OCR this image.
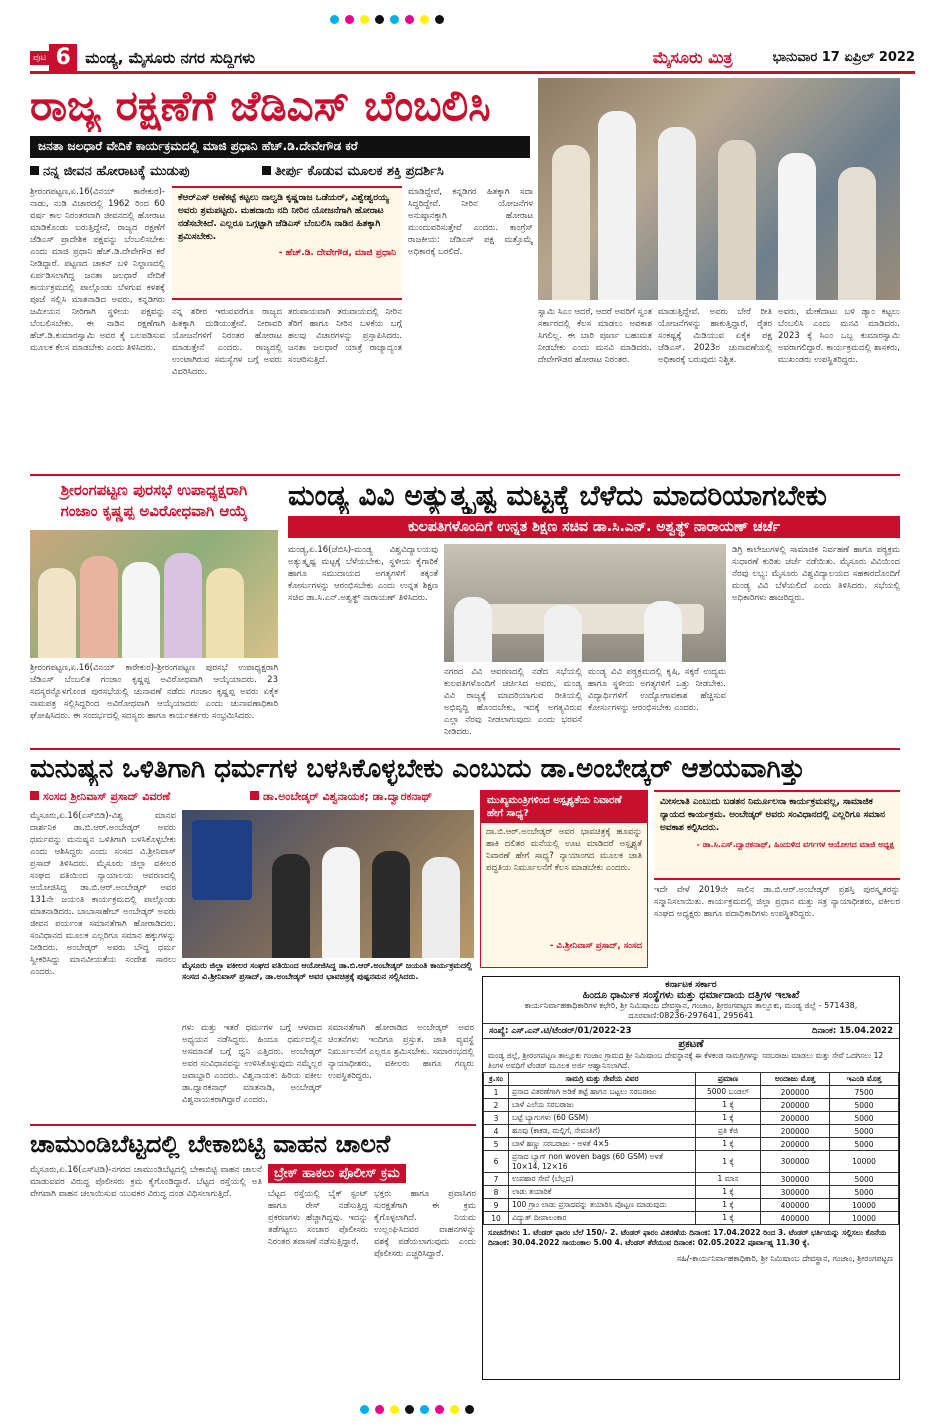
ಪುಟ 6 ಮಂಡ್ಯ, ಮೈಸೂರು ನಗರ ಸುದ್ದಿಗಳು	ಮೈಸೂರು ಮಿತ್ರ	ಭಾನುವಾರ 17 ಏಪ್ರಿಲ್ 2022
ರಾಜ್ಯ ರಕ್ಷಣೆಗೆ ಜೆಡಿಎಸ್ ಬೆಂಬಲಿಸಿ
ಜನತಾ ಜಲಧಾರೆ ವೇದಿಕೆ ಕಾರ್ಯಕ್ರಮದಲ್ಲಿ ಮಾಜಿ ಪ್ರಧಾನಿ ಹೆಚ್.ಡಿ.ದೇವೇಗೌಡ ಕರೆ
ನನ್ನ ಜೀವನ ಹೋರಾಟಕ್ಕೆ ಮುಡುಪು	ತೀರ್ಪು ಕೊಡುವ ಮೂಲಕ ಶಕ್ತಿ ಪ್ರದರ್ಶಿಸಿ
ಶ್ರೀರಂಗಪಟ್ಟಣ,ಏ.16(ವಿನಯ್ ಕಾರೇಕುರ)-ನಾಡು, ನುಡಿ ವಿಚಾರದಲ್ಲಿ 1962 ರಿಂದ 60 ವರ್ಷ ಕಾಲ ನಿರಂತರವಾಗಿ ಜೀವನದಲ್ಲಿ ಹೋರಾಟ ಮಾಡಿಕೊಂಡು ಬರುತ್ತಿದ್ದೇನೆ, ರಾಜ್ಯದ ರಕ್ಷಣೆಗೆ ಜೆಡಿಎಸ್ ಪ್ರಾದೇಶಿಕ ಪಕ್ಷವನ್ನು ಬೆಂಬಲಿಸಬೇಕು ಎಂದು ಮಾಜಿ ಪ್ರಧಾನಿ ಹೆಚ್.ಡಿ.ದೇವೇಗೌಡ ಕರೆ ನೀಡಿದ್ದಾರೆ. ಪಟ್ಟಣದ ಚಾಕನ್ ಬಳಿ ನಿಲ್ದಾಣದಲ್ಲಿ ಏರ್ಪಡಿಸಲಾಗಿದ್ದ ಜನತಾ ಜಲಧಾರೆ ವೇದಿಕೆ ಕಾರ್ಯಕ್ರಮದಲ್ಲಿ ಪಾಲ್ಗೊಂಡು ಬೆಳಗುವ ಕಳಶಕ್ಕೆ ಪೂಜೆ ಸಲ್ಲಿಸಿ ಮಾತನಾಡಿದ ಅವರು, ಕನ್ನಡಿಗರು ಜಮೀಯನ ನೀರಿಗಾಗಿ ಸ್ಥಳೀಯ ಪಕ್ಷವನ್ನು ಬೆಂಬಲಿಸಬೇಕು. ಈ ನಾಡಿನ ರಕ್ಷಣೆಗಾಗಿ ಹೆಚ್.ಡಿ.ಕುಮಾರಸ್ವಾಮಿ ಅವರ ಕೈ ಬಲಪಡಿಸುವ ಮೂಲಕ ಕೆಲಸ ಮಾಡಬೇಕು ಎಂದು ತಿಳಿಸಿದರು.
ಕೆಆರ್‌ಎಸ್ ಅಣೆಕಟ್ಟೆ ಕಟ್ಟಲು ನಾಲ್ವಡಿ ಕೃಷ್ಣರಾಜ ಒಡೆಯರ್, ವಿಶ್ವೇಶ್ವರಯ್ಯ ಅವರು ಶ್ರಮಪಟ್ಟರು. ಮಹದಾಯಿ ನದಿ ನೀರಿನ ಯೋಜನೆಗಾಗಿ ಹೋರಾಟ ನಡೆಸಬೇಕಿದೆ. ಎಲ್ಲರೂ ಒಗ್ಗಟ್ಟಾಗಿ ಜೆಡಿಎಸ್ ಬೆಂಬಲಿಸಿ ನಾಡಿನ ಹಿತಕ್ಕಾಗಿ ಶ್ರಮಿಸಬೇಕು.
- ಹೆಚ್.ಡಿ. ದೇವೇಗೌಡ, ಮಾಜಿ ಪ್ರಧಾನಿ
ಮಾಡಿದ್ದೇವೆ, ಕನ್ನಡಿಗರ ಹಿತಕ್ಕಾಗಿ ಸದಾ ಸಿದ್ಧರಿದ್ದೇವೆ. ನೀರಿನ ಯೋಜನೆಗಳ ಅನುಷ್ಠಾನಕ್ಕಾಗಿ ಹೋರಾಟ ಮುಂದುವರಿಸುತ್ತೇವೆ ಎಂದರು. ಕಾಂಗ್ರೆಸ್ ರಾಜಕೀಯ: ಜೆಡಿಎಸ್ ಪಕ್ಷ ಮತ್ತೊಮ್ಮೆ ಅಧಿಕಾರಕ್ಕೆ ಬರಲಿದೆ.
ನನ್ನ ಶರೀರ ಇರುವವರೆಗೂ ರಾಜ್ಯದ ಹಿತಕ್ಕಾಗಿ ದುಡಿಯುತ್ತೇನೆ. ನೀರಾವರಿ ಯೋಜನೆಗಳಿಗೆ ನಿರಂತರ ಹೋರಾಟ ಮಾಡುತ್ತೇನೆ ಎಂದರು. ರಾಜ್ಯದಲ್ಲಿ ಉಂಟಾಗಿರುವ ಸಮಸ್ಯೆಗಳ ಬಗ್ಗೆ ಅವರು ವಿವರಿಸಿದರು.
ತರುವಾಯವಾಗಿ ತರುವಾಯದಲ್ಲಿ ನೀರಿನ ತೆರಿಗೆ ಹಾಗೂ ನೀರಿನ ಬಳಕೆಯ ಬಗ್ಗೆ ಹಲವು ವಿಚಾರಗಳನ್ನು ಪ್ರಸ್ತಾಪಿಸಿದರು. ಜನತಾ ಜಲಧಾರೆ ಯಾತ್ರೆ ರಾಜ್ಯಾದ್ಯಂತ ಸಂಚರಿಸುತ್ತಿದೆ.
ಸ್ವಾಮಿ ಸಿಎಂ ಆದರೆ, ಆದರೆ ಅವರಿಗೆ ಸ್ವಂತ ಸರ್ಕಾರದಲ್ಲಿ ಕೆಲಸ ಮಾಡಲು ಅವಕಾಶ ಸಿಗಲಿಲ್ಲ. ಈ ಬಾರಿ ಪೂರ್ಣ ಬಹುಮತ ನೀಡಬೇಕು ಎಂದು ಮನವಿ ಮಾಡಿದರು. ದೇವೇಗೌಡರ ಹೋರಾಟ ನಿರಂತರ.
ಮಾಡುತ್ತಿದ್ದೇವೆ. ಅವರು ಬೇರೆ ರೀತಿ ಯೋಜನೆಗಳನ್ನು ಹಾಕುತ್ತಿದ್ದಾರೆ, ರೈತರ ಸಂಕಷ್ಟಕ್ಕೆ ಮಿಡಿಯುವ ಏಕೈಕ ಪಕ್ಷ ಜೆಡಿಎಸ್. 2023ರ ಚುನಾವಣೆಯಲ್ಲಿ ಅಧಿಕಾರಕ್ಕೆ ಬರುವುದು ನಿಶ್ಚಿತ.
ಅವರು, ಮೇಕೆದಾಟು ಬಳಿ ಡ್ಯಾಂ ಕಟ್ಟಲು ಬೆಂಬಲಿಸಿ ಎಂದು ಮನವಿ ಮಾಡಿದರು. 2023 ಕ್ಕೆ ಸಿಎಂ ಒಬ್ಬ ಕುಮಾರಸ್ವಾಮಿ ಅವರಾಗಲಿದ್ದಾರೆ. ಕಾರ್ಯಕ್ರಮದಲ್ಲಿ ಶಾಸಕರು, ಮುಖಂಡರು ಉಪಸ್ಥಿತರಿದ್ದರು.
ಶ್ರೀರಂಗಪಟ್ಟಣ ಪುರಸಭೆ ಉಪಾಧ್ಯಕ್ಷರಾಗಿ
ಗಂಜಾಂ ಕೃಷ್ಣಪ್ಪ ಅವಿರೋಧವಾಗಿ ಆಯ್ಕೆ
ಶ್ರೀರಂಗಪಟ್ಟಣ,ಏ.16(ವಿನಯ್ ಕಾರೇಕುರ)-ಶ್ರೀರಂಗಪಟ್ಟಣ ಪುರಸಭೆ ಉಪಾಧ್ಯಕ್ಷರಾಗಿ ಜೆಡಿಎಸ್ ಬೆಂಬಲಿತ ಗಂಜಾಂ ಕೃಷ್ಣಪ್ಪ ಅವಿರೋಧವಾಗಿ ಆಯ್ಕೆಯಾದರು. 23 ಸದಸ್ಯರನ್ನೊಳಗೊಂಡ ಪುರಸಭೆಯಲ್ಲಿ ಚುನಾವಣೆ ನಡೆದು ಗಂಜಾಂ ಕೃಷ್ಣಪ್ಪ ಅವರು ಏಕೈಕ ನಾಮಪತ್ರ ಸಲ್ಲಿಸಿದ್ದರಿಂದ ಅವಿರೋಧವಾಗಿ ಆಯ್ಕೆಯಾದರು ಎಂದು ಚುನಾವಣಾಧಿಕಾರಿ ಘೋಷಿಸಿದರು. ಈ ಸಂದರ್ಭದಲ್ಲಿ ಸದಸ್ಯರು ಹಾಗೂ ಕಾರ್ಯಕರ್ತರು ಸಂಭ್ರಮಿಸಿದರು.
ಮಂಡ್ಯ ವಿವಿ ಅತ್ಯುತ್ಕೃಷ್ಟ ಮಟ್ಟಕ್ಕೆ ಬೆಳೆದು ಮಾದರಿಯಾಗಬೇಕು
ಕುಲಪತಿಗಳೊಂದಿಗೆ ಉನ್ನತ ಶಿಕ್ಷಣ ಸಚಿವ ಡಾ.ಸಿ.ಎನ್. ಅಶ್ವತ್ಥ್ ನಾರಾಯಣ್ ಚರ್ಚೆ
ಮಂಡ್ಯ,ಏ.16(ಜೆಬಿಸಿ)-ಮಂಡ್ಯ ವಿಶ್ವವಿದ್ಯಾಲಯವು ಅತ್ಯುತ್ಕೃಷ್ಟ ಮಟ್ಟಕ್ಕೆ ಬೆಳೆಯಬೇಕು, ಸ್ಥಳೀಯ ಕೈಗಾರಿಕೆ ಹಾಗೂ ಸಮುದಾಯದ ಅಗತ್ಯಗಳಿಗೆ ತಕ್ಕಂತೆ ಕೋರ್ಸುಗಳನ್ನು ಆರಂಭಿಸಬೇಕು ಎಂದು ಉನ್ನತ ಶಿಕ್ಷಣ ಸಚಿವ ಡಾ.ಸಿ.ಎನ್.ಅಶ್ವತ್ಥ್ ನಾರಾಯಣ್ ತಿಳಿಸಿದರು.
ನಗರದ ವಿವಿ ಆವರಣದಲ್ಲಿ ನಡೆದ ಸಭೆಯಲ್ಲಿ ಕುಲಪತಿಗಳೊಂದಿಗೆ ಚರ್ಚಿಸಿದ ಅವರು, ಮಂಡ್ಯ ವಿವಿ ರಾಜ್ಯಕ್ಕೆ ಮಾದರಿಯಾಗುವ ರೀತಿಯಲ್ಲಿ ಅಭಿವೃದ್ಧಿ ಹೊಂದಬೇಕು, ಇದಕ್ಕೆ ಅಗತ್ಯವಿರುವ ಎಲ್ಲಾ ನೆರವು ನೀಡಲಾಗುವುದು ಎಂದು ಭರವಸೆ ನೀಡಿದರು.
ಮಂಡ್ಯ ವಿವಿ ಪಠ್ಯಕ್ರಮದಲ್ಲಿ ಕೃಷಿ, ಸಕ್ಕರೆ ಉದ್ಯಮ ಹಾಗೂ ಸ್ಥಳೀಯ ಅಗತ್ಯಗಳಿಗೆ ಒತ್ತು ನೀಡಬೇಕು. ವಿದ್ಯಾರ್ಥಿಗಳಿಗೆ ಉದ್ಯೋಗಾವಕಾಶ ಹೆಚ್ಚಿಸುವ ಕೋರ್ಸುಗಳನ್ನು ಆರಂಭಿಸಬೇಕು ಎಂದರು.
ಡಿಗ್ರಿ ಕಾಲೇಜುಗಳಲ್ಲಿ ಸಾಮಾಜಿಕ ನಿರ್ವಹಣೆ ಹಾಗೂ ಪಠ್ಯಕ್ರಮ ಸುಧಾರಣೆ ಕುರಿತು ಚರ್ಚೆ ನಡೆಯಿತು. ಮೈಸೂರು ವಿವಿಯಿಂದ ನೆರವು ಲಭ್ಯ: ಮೈಸೂರು ವಿಶ್ವವಿದ್ಯಾಲಯದ ಸಹಕಾರದೊಂದಿಗೆ ಮಂಡ್ಯ ವಿವಿ ಬೆಳೆಯಲಿದೆ ಎಂದು ತಿಳಿಸಿದರು. ಸಭೆಯಲ್ಲಿ ಅಧಿಕಾರಿಗಳು ಹಾಜರಿದ್ದರು.
ಮನುಷ್ಯನ ಒಳಿತಿಗಾಗಿ ಧರ್ಮಗಳ ಬಳಸಿಕೊಳ್ಳಬೇಕು ಎಂಬುದು ಡಾ.ಅಂಬೇಡ್ಕರ್ ಆಶಯವಾಗಿತ್ತು
ಸಂಸದ ಶ್ರೀನಿವಾಸ್ ಪ್ರಸಾದ್ ವಿವರಣೆ	ಡಾ.ಅಂಬೇಡ್ಕರ್ ವಿಶ್ವನಾಯಕ; ಡಾ.ದ್ವಾರಕನಾಥ್
ಮೈಸೂರು,ಏ.16(ಎಸ್‌ಬಿಡಿ)-ವಿಶ್ವ ಮಾನವ ದಾರ್ಶನಿಕ ಡಾ.ಬಿ.ಆರ್.ಅಂಬೇಡ್ಕರ್ ಅವರು ಧರ್ಮವನ್ನು ಮನುಷ್ಯನ ಒಳಿತಿಗಾಗಿ ಬಳಸಿಕೊಳ್ಳಬೇಕು ಎಂದು ಆಶಿಸಿದ್ದರು ಎಂದು ಸಂಸದ ವಿ.ಶ್ರೀನಿವಾಸ್ ಪ್ರಸಾದ್ ತಿಳಿಸಿದರು. ಮೈಸೂರು ಜಿಲ್ಲಾ ವಕೀಲರ ಸಂಘದ ವತಿಯಿಂದ ನ್ಯಾಯಾಲಯ ಆವರಣದಲ್ಲಿ ಆಯೋಜಿಸಿದ್ದ ಡಾ.ಬಿ.ಆರ್.ಅಂಬೇಡ್ಕರ್ ಅವರ 131ನೇ ಜಯಂತಿ ಕಾರ್ಯಕ್ರಮದಲ್ಲಿ ಪಾಲ್ಗೊಂಡು ಮಾತನಾಡಿದರು. ಬಾಬಾಸಾಹೇಬ್ ಅಂಬೇಡ್ಕರ್ ಅವರು ಜೀವನ ಪರ್ಯಂತ ಸಮಾನತೆಗಾಗಿ ಹೋರಾಡಿದರು. ಸಂವಿಧಾನದ ಮೂಲಕ ಎಲ್ಲರಿಗೂ ಸಮಾನ ಹಕ್ಕುಗಳನ್ನು ನೀಡಿದರು. ಅಂಬೇಡ್ಕರ್ ಅವರು ಬೌದ್ಧ ಧರ್ಮ ಸ್ವೀಕರಿಸಿದ್ದು ಮಾನವೀಯತೆಯ ಸಂದೇಶ ಸಾರಲು ಎಂದರು.
ಮೈಸೂರು ಜಿಲ್ಲಾ ವಕೀಲರ ಸಂಘದ ವತಿಯಿಂದ ಆಯೋಜಿಸಿದ್ದ ಡಾ.ಬಿ.ಆರ್.ಅಂಬೇಡ್ಕರ್ ಜಯಂತಿ ಕಾರ್ಯಕ್ರಮದಲ್ಲಿ ಸಂಸದ ವಿ.ಶ್ರೀನಿವಾಸ್ ಪ್ರಸಾದ್, ಡಾ.ಅಂಬೇಡ್ಕರ್ ಅವರ ಭಾವಚಿತ್ರಕ್ಕೆ ಪುಷ್ಪನಮನ ಸಲ್ಲಿಸಿದರು.
ಗಳು ಮತ್ತು ಇತರೆ ಧರ್ಮಗಳ ಬಗ್ಗೆ ಆಳವಾದ ಅಧ್ಯಯನ ನಡೆಸಿದ್ದರು. ಹಿಂದೂ ಧರ್ಮದಲ್ಲಿನ ಅಸಮಾನತೆ ಬಗ್ಗೆ ಧ್ವನಿ ಎತ್ತಿದರು. ಅಂಬೇಡ್ಕರ್ ಅವರ ಸಂವಿಧಾನವನ್ನು ಉಳಿಸಿಕೊಳ್ಳುವುದು ನಮ್ಮೆಲ್ಲರ ಜವಾಬ್ದಾರಿ ಎಂದರು. ವಿಶ್ವನಾಯಕ: ಹಿರಿಯ ವಕೀಲ ಡಾ.ದ್ವಾರಕನಾಥ್ ಮಾತನಾಡಿ, ಅಂಬೇಡ್ಕರ್ ವಿಶ್ವನಾಯಕರಾಗಿದ್ದಾರೆ ಎಂದರು.
ಸಮಾನತೆಗಾಗಿ ಹೋರಾಡಿದ ಅಂಬೇಡ್ಕರ್ ಅವರ ಚಿಂತನೆಗಳು ಇಂದಿಗೂ ಪ್ರಸ್ತುತ. ಜಾತಿ ವ್ಯವಸ್ಥೆ ನಿರ್ಮೂಲನೆಗೆ ಎಲ್ಲರೂ ಶ್ರಮಿಸಬೇಕು. ಸಮಾರಂಭದಲ್ಲಿ ನ್ಯಾಯಾಧೀಶರು, ವಕೀಲರು ಹಾಗೂ ಗಣ್ಯರು ಉಪಸ್ಥಿತರಿದ್ದರು.
ಮುಖ್ಯಮಂತ್ರಿಗಳಿಂದ ಅಸ್ಪೃಶ್ಯತೆಯ ನಿವಾರಣೆ ಹೇಗೆ ಸಾಧ್ಯ?
ದಾ.ಬಿ.ಆರ್.ಅಂಬೇಡ್ಕರ್ ಅವರ ಭಾವಚಿತ್ರಕ್ಕೆ ಹೂವನ್ನು ಹಾಕಿ ದಲಿತರ ಮನೆಯಲ್ಲಿ ಊಟ ಮಾಡಿದರೆ ಅಸ್ಪೃಶ್ಯತೆ ನಿವಾರಣೆ ಹೇಗೆ ಸಾಧ್ಯ? ನ್ಯಾಯಾಂಗದ ಮೂಲಕ ಜಾತಿ ಪದ್ಧತಿಯ ನಿರ್ಮೂಲನೆಗೆ ಕೆಲಸ ಮಾಡಬೇಕು ಎಂದರು.
- ವಿ.ಶ್ರೀನಿವಾಸ್ ಪ್ರಸಾದ್, ಸಂಸದ
ಮೀಸಲಾತಿ ಎಂಬುದು ಬಡತನ ನಿರ್ಮೂಲನಾ ಕಾರ್ಯಕ್ರಮವಲ್ಲ, ಸಾಮಾಜಿಕ ನ್ಯಾಯದ ಕಾರ್ಯಕ್ರಮ. ಅಂಬೇಡ್ಕರ್ ಅವರು ಸಂವಿಧಾನದಲ್ಲಿ ಎಲ್ಲರಿಗೂ ಸಮಾನ ಅವಕಾಶ ಕಲ್ಪಿಸಿದರು.
- ಡಾ.ಸಿ.ಎಸ್.ದ್ವಾರಕನಾಥ್, ಹಿಂದುಳಿದ ವರ್ಗಗಳ ಆಯೋಗದ ಮಾಜಿ ಅಧ್ಯಕ್ಷ
ಇದೇ ವೇಳೆ 2019ನೇ ಸಾಲಿನ ಡಾ.ಬಿ.ಆರ್.ಅಂಬೇಡ್ಕರ್ ಪ್ರಶಸ್ತಿ ಪುರಸ್ಕೃತರನ್ನು ಸನ್ಮಾನಿಸಲಾಯಿತು. ಕಾರ್ಯಕ್ರಮದಲ್ಲಿ ಜಿಲ್ಲಾ ಪ್ರಧಾನ ಮತ್ತು ಸತ್ರ ನ್ಯಾಯಾಧೀಶರು, ವಕೀಲರ ಸಂಘದ ಅಧ್ಯಕ್ಷರು ಹಾಗೂ ಪದಾಧಿಕಾರಿಗಳು ಉಪಸ್ಥಿತರಿದ್ದರು.
ಕರ್ನಾಟಕ ಸರ್ಕಾರ
ಹಿಂದೂ ಧಾರ್ಮಿಕ ಸಂಸ್ಥೆಗಳು ಮತ್ತು ಧರ್ಮಾದಾಯ ದತ್ತಿಗಳ ಇಲಾಖೆ
ಕಾರ್ಯನಿರ್ವಾಹಕಾಧಿಕಾರಿಗಳ ಕಛೇರಿ, ಶ್ರೀ ನಿಮಿಷಾಂಬ ದೇವಸ್ಥಾನ, ಗಂಜಾಂ, ಶ್ರೀರಂಗಪಟ್ಟಣ ತಾಲ್ಲೂಕು, ಮಂಡ್ಯ ಜಿಲ್ಲೆ - 571438,
ದೂರವಾಣಿ:08236-297641, 295641
ಸಂಖ್ಯೆ: ಎಸ್.ಎನ್.ಟಿ/ಟೆಂಡರ್/01/2022-23	ದಿನಾಂಕ: 15.04.2022
ಪ್ರಕಟಣೆ
ಮಂಡ್ಯ ಜಿಲ್ಲೆ, ಶ್ರೀರಂಗಪಟ್ಟಣ ತಾಲ್ಲೂಕು ಗಂಜಾಂ ಗ್ರಾಮದ ಶ್ರೀ ನಿಮಿಷಾಂಬ ದೇವಸ್ಥಾನಕ್ಕೆ ಈ ಕೆಳಕಂಡ ಸಾಮಗ್ರಿಗಳನ್ನು ಸರಬರಾಜು ಮಾಡಲು ಮತ್ತು ಸೇವೆ ಒದಗಿಸಲು 12 ತಿಂಗಳ ಅವಧಿಗೆ ಟೆಂಡರ್ ಮೂಲಕ ಅರ್ಜಿ ಆಹ್ವಾನಿಸಲಾಗಿದೆ.
ಕ್ರ.ಸಂ	ಸಾಮಗ್ರಿ ಮತ್ತು ಸೇವೆಯ ವಿವರ	ಪ್ರಮಾಣ	ಅಂದಾಜು ಮೊತ್ತ	ಇಎಂಡಿ ಮೊತ್ತ
1	ಪ್ರಸಾದ ವಿತರಣೆಗಾಗಿ ಅಡಿಕೆ ತಟ್ಟೆ ಹಾಗೂ ಬಟ್ಟಲು ಸರಬರಾಜು	5000 ಬಂಡಲ್	200000	7500
2	ಬಾಳೆ ಎಲೆಯ ಸರಬರಾಜು	1 ಕ್ಕೆ	200000	5000
3	ಬಟ್ಟೆ ಬ್ಯಾಗುಗಳು (60 GSM)	1 ಕ್ಕೆ	200000	5000
4	ಹೂವು (ಕಾಕಡ, ಮಲ್ಲಿಗೆ, ಸೇವಂತಿಗೆ)	ಪ್ರತಿ ಕೆಜಿ	200000	5000
5	ಬಾಳೆ ಹಣ್ಣು ಸರಬರಾಜು - ಅಳತೆ 4×5	1 ಕ್ಕೆ	200000	5000
6	ಪ್ರಸಾದ ಬ್ಯಾಗ್ non woven bags (60 GSM) ಅಳತೆ 10×14, 12×16	1 ಕ್ಕೆ	300000	10000
7	ಉಪಹಾರ ಸೇವೆ (ಬೆಲ್ಲದ)	1 ಮಾಸ	300000	5000
8	ಲಾಡು ತಯಾರಿಕೆ	1 ಕ್ಕೆ	300000	5000
9	100 ಗ್ರಾಂ ಲಾಡು ಪ್ರಸಾದವನ್ನು ತಯಾರಿಸಿ ಪೊಟ್ಟಣ ಮಾಡುವುದು	1 ಕ್ಕೆ	400000	10000
10	ವಿದ್ಯುತ್ ದೀಪಾಲಂಕಾರ	1 ಕ್ಕೆ	400000	10000
ಸೂಚನೆಗಳು: 1. ಟೆಂಡರ್ ಫಾರಂ ಬೆಲೆ 150/- 2. ಟೆಂಡರ್ ಫಾರಂ ವಿತರಣೆಯ ದಿನಾಂಕ: 17.04.2022 ರಿಂದ 3. ಟೆಂಡರ್ ಭರ್ತಿಯನ್ನು ಸಲ್ಲಿಸಲು ಕೊನೆಯ ದಿನಾಂಕ: 30.04.2022 ಸಾಯಂಕಾಲ 5.00 4. ಟೆಂಡರ್ ತೆರೆಯುವ ದಿನಾಂಕ: 02.05.2022 ಪೂರ್ವಾಹ್ನ 11.30 ಕ್ಕೆ.
ಸಹಿ/-ಕಾರ್ಯನಿರ್ವಾಹಕಾಧಿಕಾರಿ, ಶ್ರೀ ನಿಮಿಷಾಂಬ ದೇವಸ್ಥಾನ, ಗಂಜಾಂ, ಶ್ರೀರಂಗಪಟ್ಟಣ
ಚಾಮುಂಡಿಬೆಟ್ಟದಲ್ಲಿ ಬೇಕಾಬಿಟ್ಟಿ ವಾಹನ ಚಾಲನೆ
ಮೈಸೂರು,ಏ.16(ಎಸ್‌ಟಿಡಿ)-ನಗರದ ಚಾಮುಂಡಿಬೆಟ್ಟದಲ್ಲಿ ಬೇಕಾಬಿಟ್ಟಿ ವಾಹನ ಚಾಲನೆ ಮಾಡುವವರ ವಿರುದ್ಧ ಪೊಲೀಸರು ಕ್ರಮ ಕೈಗೊಂಡಿದ್ದಾರೆ. ಬೆಟ್ಟದ ರಸ್ತೆಯಲ್ಲಿ ಅತಿ ವೇಗವಾಗಿ ವಾಹನ ಚಲಾಯಿಸುವ ಯುವಕರ ವಿರುದ್ಧ ದಂಡ ವಿಧಿಸಲಾಗುತ್ತಿದೆ.
ಬ್ರೇಕ್ ಹಾಕಲು ಪೊಲೀಸ್ ಕ್ರಮ
ಬೆಟ್ಟದ ರಸ್ತೆಯಲ್ಲಿ ಬೈಕ್ ಸ್ಟಂಟ್ ಹಾಗೂ ರೇಸ್ ನಡೆಸುತ್ತಿದ್ದ ಪ್ರಕರಣಗಳು ಹೆಚ್ಚಾಗಿದ್ದವು. ಇದನ್ನು ತಡೆಗಟ್ಟಲು ಸಂಚಾರ ಪೊಲೀಸರು ನಿರಂತರ ತಪಾಸಣೆ ನಡೆಸುತ್ತಿದ್ದಾರೆ.
ಭಕ್ತರು ಹಾಗೂ ಪ್ರವಾಸಿಗರ ಸುರಕ್ಷತೆಗಾಗಿ ಈ ಕ್ರಮ ಕೈಗೊಳ್ಳಲಾಗಿದೆ. ನಿಯಮ ಉಲ್ಲಂಘಿಸಿದವರ ವಾಹನಗಳನ್ನು ವಶಕ್ಕೆ ಪಡೆಯಲಾಗುವುದು ಎಂದು ಪೊಲೀಸರು ಎಚ್ಚರಿಸಿದ್ದಾರೆ.
